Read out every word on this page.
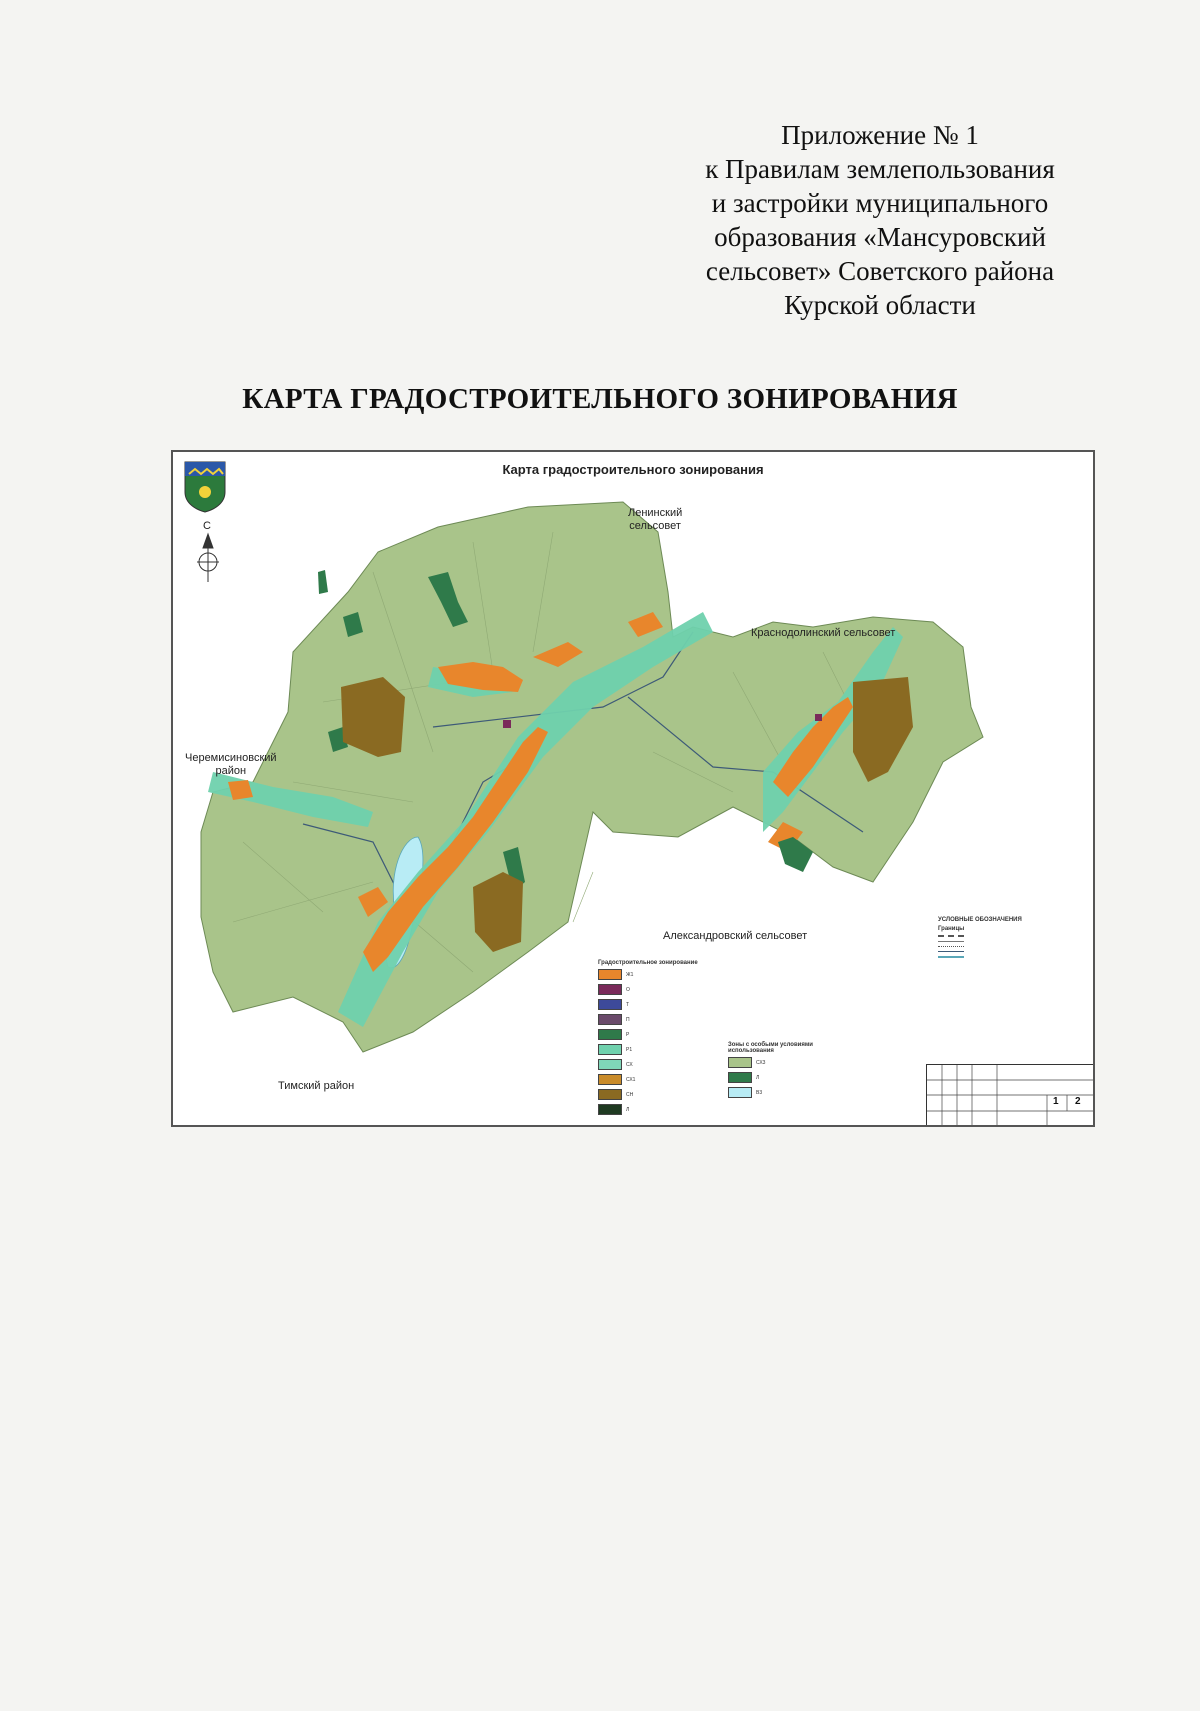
Приложение № 1
к Правилам землепользования
и застройки муниципального
образования «Мансуровский
сельсовет» Советского района
Курской области
КАРТА ГРАДОСТРОИТЕЛЬНОГО ЗОНИРОВАНИЯ
Карта градостроительного зонирования
С
Ленинский
сельсовет
Краснодолинский сельсовет
Черемисиновский
район
Александровский сельсовет
Тимский район
Градостроительное зонирование
Ж1
О
Т
П
Р
Р1
СХ
СХ1
СН
Л
Зоны с особыми условиями использования
СХ3
Л
В3
УСЛОВНЫЕ ОБОЗНАЧЕНИЯ
Границы
1 2
